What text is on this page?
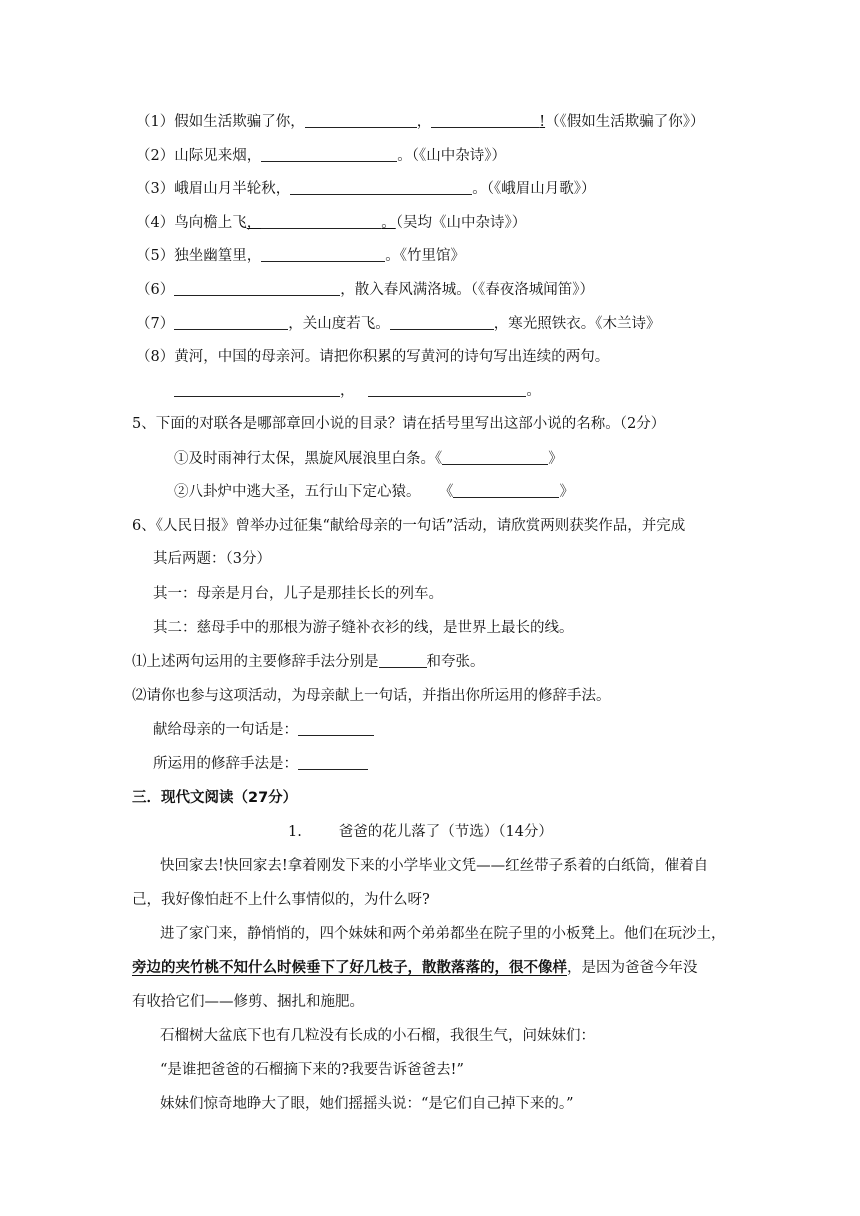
（1）假如生活欺骗了你，	，	!（《假如生活欺骗了你》）
（2）山际见来烟，	。（《山中杂诗》）
（3）峨眉山月半轮秋，	。（《峨眉山月歌》）
（4）鸟向檐上飞，	。（吴均《山中杂诗》）
（5）独坐幽篁里，	。《竹里馆》
（6）	，散入春风满洛城。（《春夜洛城闻笛》）
（7）	，关山度若飞。	，寒光照铁衣。《木兰诗》
（8）黄河，中国的母亲河。请把你积累的写黄河的诗句写出连续的两句。
，	。
5、下面的对联各是哪部章回小说的目录？请在括号里写出这部小说的名称。（2分）
①及时雨神行太保，黑旋风展浪里白条。《	》
②八卦炉中逃大圣，五行山下定心猿。 《	》
6、《人民日报》曾举办过征集“献给母亲的一句话”活动，请欣赏两则获奖作品，并完成
其后两题：（3分）
其一：母亲是月台，儿子是那挂长长的列车。
其二：慈母手中的那根为游子缝补衣衫的线，是世界上最长的线。
⑴上述两句运用的主要修辞手法分别是	和夸张。
⑵请你也参与这项活动，为母亲献上一句话，并指出你所运用的修辞手法。
献给母亲的一句话是：
所运用的修辞手法是：
三．现代文阅读（27分）
1.	爸爸的花儿落了（节选）（14分）
快回家去!快回家去!拿着刚发下来的小学毕业文凭——红丝带子系着的白纸筒，催着自
己，我好像怕赶不上什么事情似的，为什么呀?
进了家门来，静悄悄的，四个妹妹和两个弟弟都坐在院子里的小板凳上。他们在玩沙土，
旁边的夹竹桃不知什么时候垂下了好几枝子，散散落落的，很不像样，是因为爸爸今年没
有收拾它们——修剪、捆扎和施肥。
石榴树大盆底下也有几粒没有长成的小石榴，我很生气，问妹妹们：
“是谁把爸爸的石榴摘下来的?我要告诉爸爸去!”
妹妹们惊奇地睁大了眼，她们摇摇头说：“是它们自己掉下来的。”
